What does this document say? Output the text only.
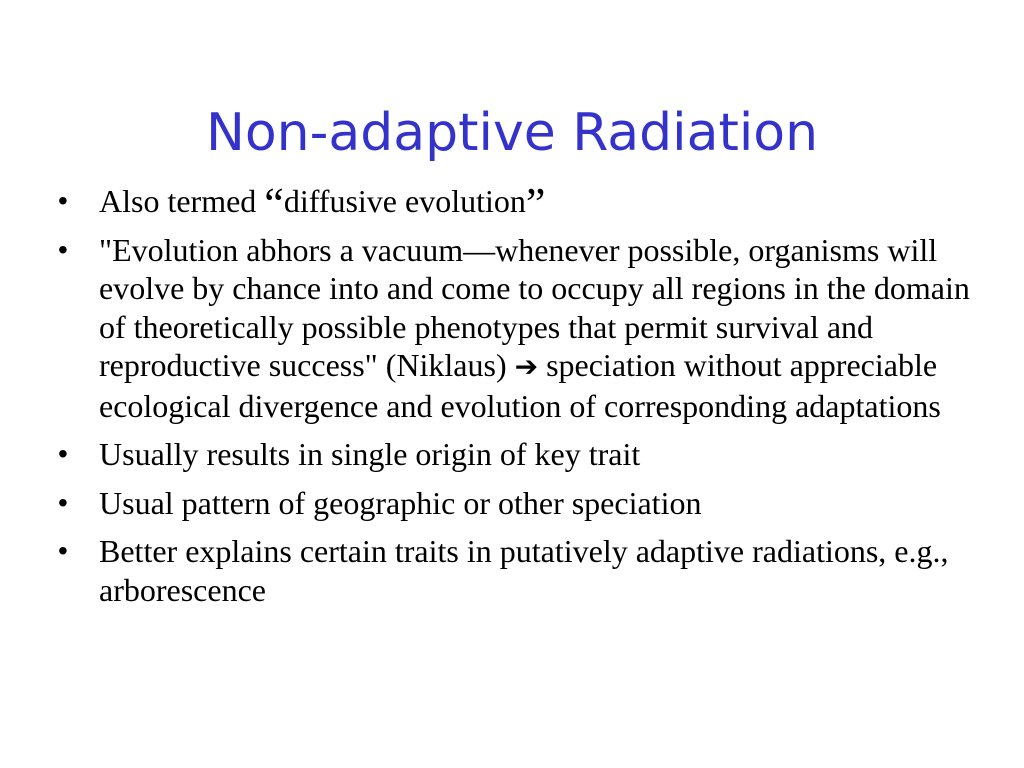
Non-adaptive Radiation
• Also termed “diffusive evolution”
• "Evolution abhors a vacuum—whenever possible, organisms will evolve by chance into and come to occupy all regions in the domain of theoretically possible phenotypes that permit survival and reproductive success" (Niklaus) ➔ speciation without appreciable ecological divergence and evolution of corresponding adaptations
• Usually results in single origin of key trait
• Usual pattern of geographic or other speciation
• Better explains certain traits in putatively adaptive radiations, e.g., arborescence
